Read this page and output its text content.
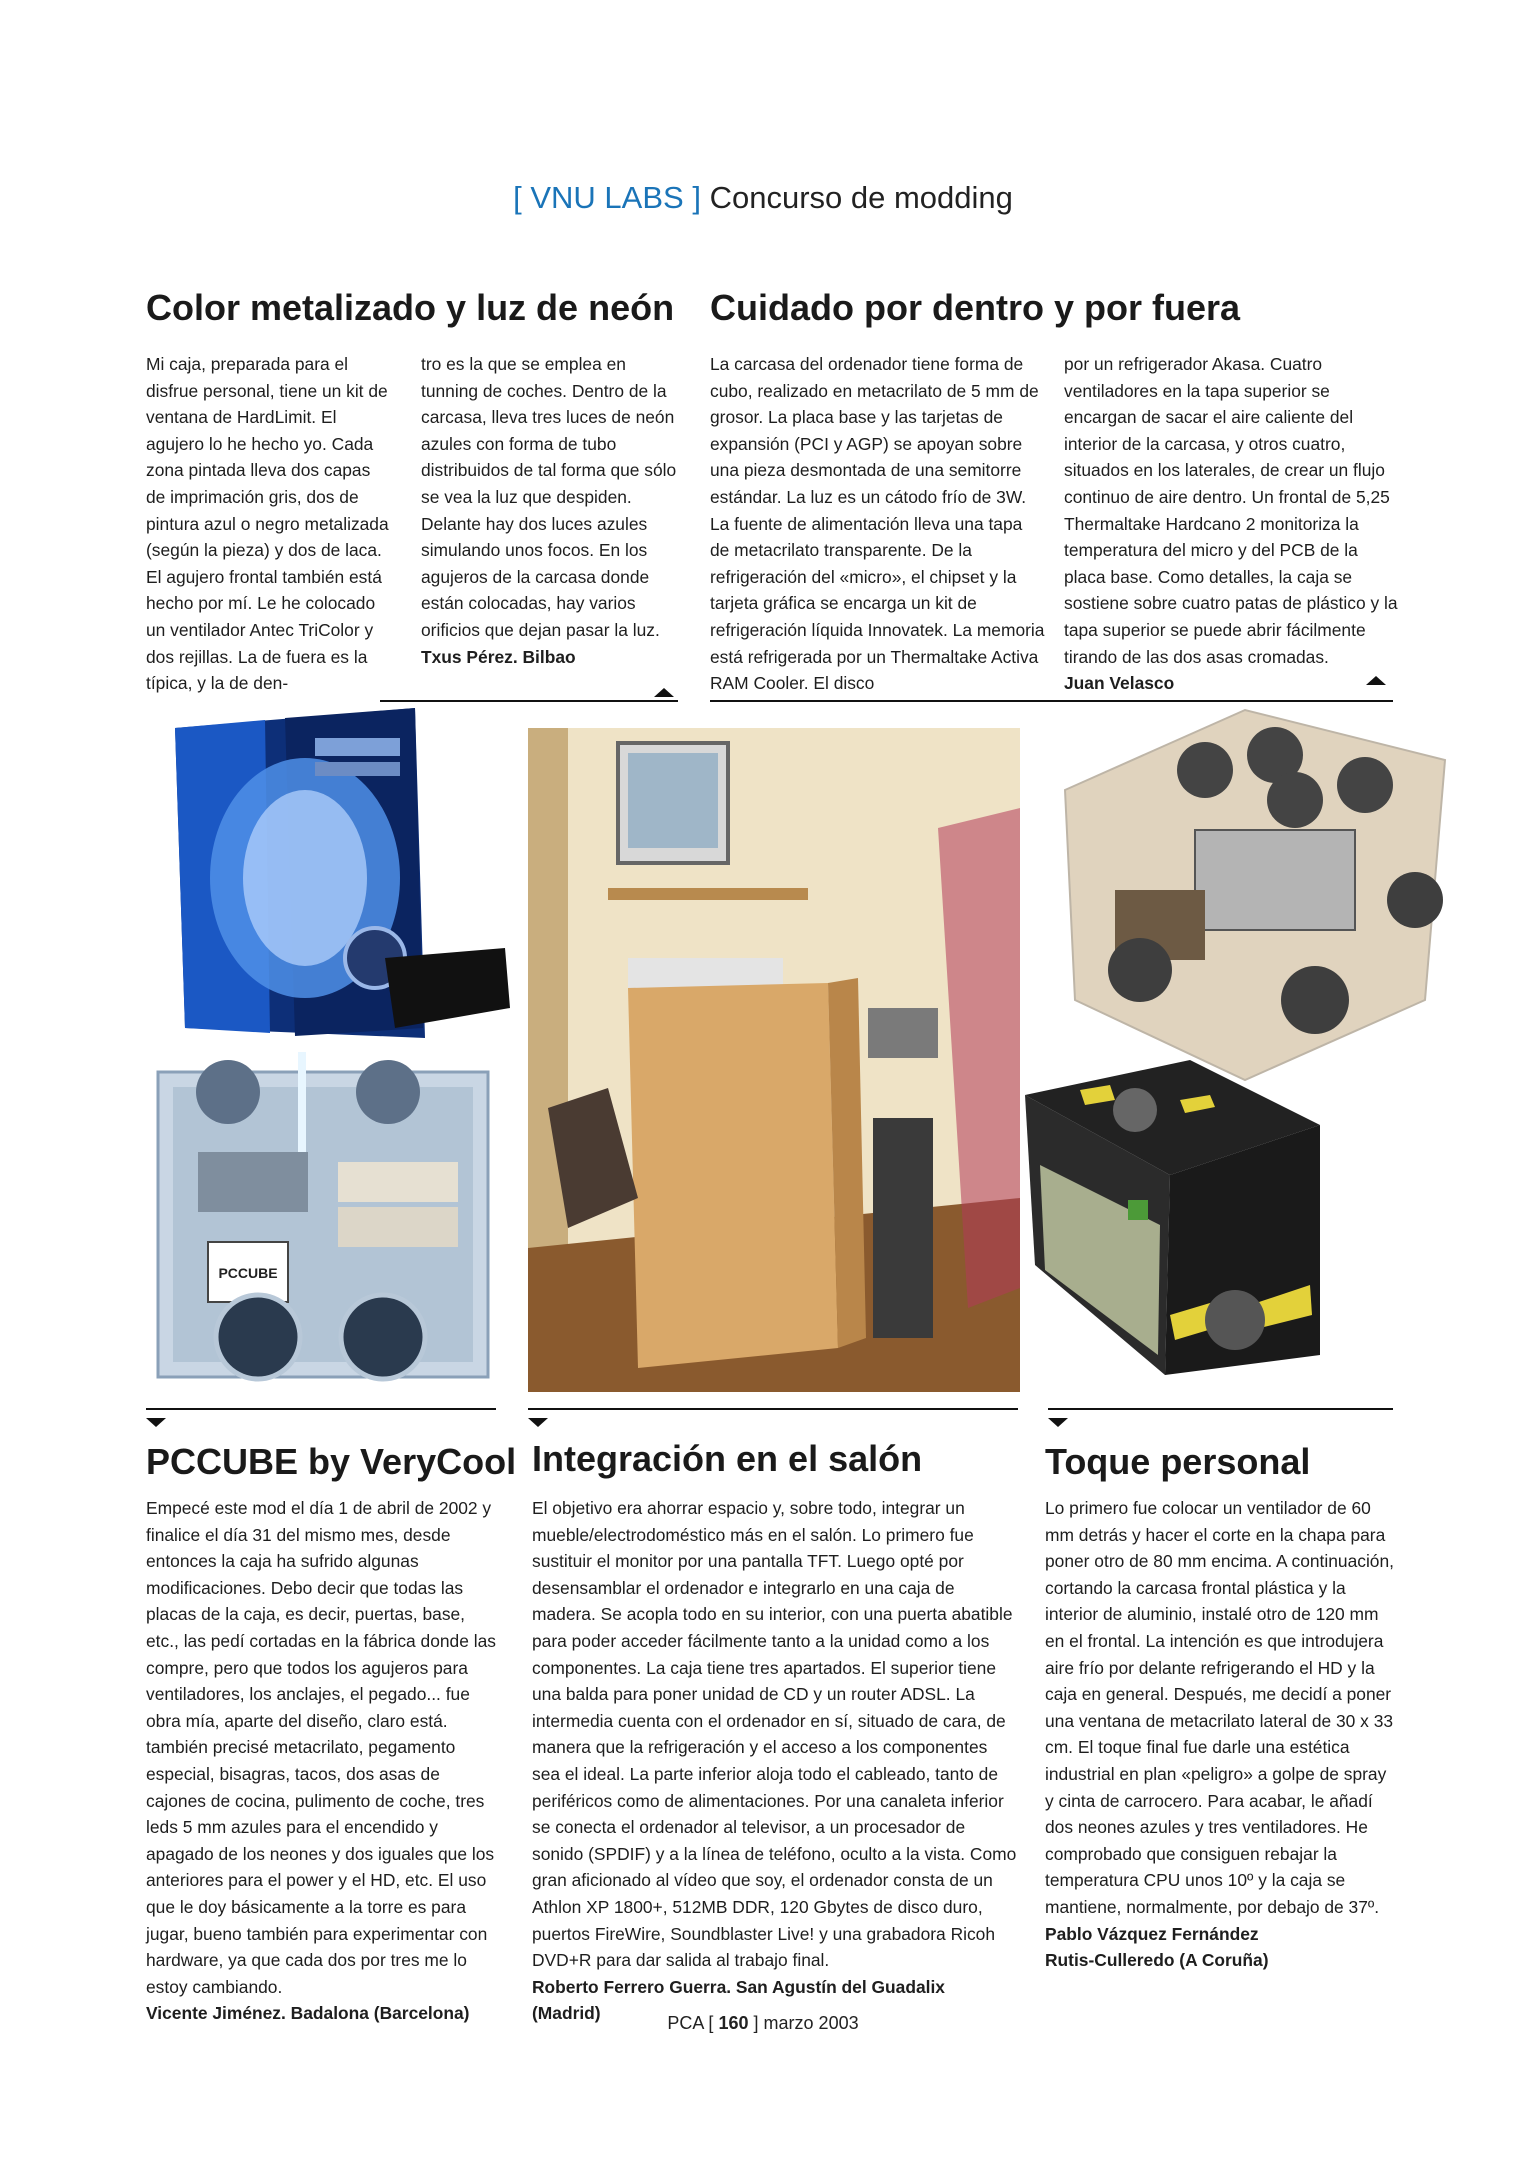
[ VNU LABS ] Concurso de modding
Color metalizado y luz de neón

Mi caja, preparada para el disfrue personal, tiene un kit de ventana de HardLimit. El agujero lo he hecho yo. Cada zona pintada lleva dos capas de imprimación gris, dos de pintura azul o negro metalizada (según la pieza) y dos de laca. El agujero frontal también está hecho por mí. Le he colocado un ventilador Antec TriColor y dos rejillas. La de fuera es la típica, y la de den-

tro es la que se emplea en tunning de coches. Dentro de la carcasa, lleva tres luces de neón azules con forma de tubo distribuidos de tal forma que sólo se vea la luz que despiden. Delante hay dos luces azules simulando unos focos. En los agujeros de la carcasa donde están colocadas, hay varios orificios que dejan pasar la luz.

Txus Pérez. Bilbao

Cuidado por dentro y por fuera

La carcasa del ordenador tiene forma de cubo, realizado en metacrilato de 5 mm de grosor. La placa base y las tarjetas de expansión (PCI y AGP) se apoyan sobre una pieza desmontada de una semitorre estándar. La luz es un cátodo frío de 3W. La fuente de alimentación lleva una tapa de metacrilato transparente. De la refrigeración del «micro», el chipset y la tarjeta gráfica se encarga un kit de refrigeración líquida Innovatek. La memoria está refrigerada por un Thermaltake Activa RAM Cooler. El disco

por un refrigerador Akasa. Cuatro ventiladores en la tapa superior se encargan de sacar el aire caliente del interior de la carcasa, y otros cuatro, situados en los laterales, de crear un flujo continuo de aire dentro. Un frontal de 5,25 Thermaltake Hardcano 2 monitoriza la temperatura del micro y del PCB de la placa base. Como detalles, la caja se sostiene sobre cuatro patas de plástico y la tapa superior se puede abrir fácilmente tirando de las dos asas cromadas.

Juan Velasco

PCCUBE
PCCUBE by VeryCool

Empecé este mod el día 1 de abril de 2002 y finalice el día 31 del mismo mes, desde entonces la caja ha sufrido algunas modificaciones. Debo decir que todas las placas de la caja, es decir, puertas, base, etc., las pedí cortadas en la fábrica donde las compre, pero que todos los agujeros para ventiladores, los anclajes, el pegado... fue obra mía, aparte del diseño, claro está. también precisé metacrilato, pegamento especial, bisagras, tacos, dos asas de cajones de cocina, pulimento de coche, tres leds 5 mm azules para el encendido y apagado de los neones y dos iguales que los anteriores para el power y el HD, etc. El uso que le doy básicamente a la torre es para jugar, bueno también para experimentar con hardware, ya que cada dos por tres me lo estoy cambiando.

Vicente Jiménez. Badalona (Barcelona)

Integración en el salón

El objetivo era ahorrar espacio y, sobre todo, integrar un mueble/electrodoméstico más en el salón. Lo primero fue sustituir el monitor por una pantalla TFT. Luego opté por desensamblar el ordenador e integrarlo en una caja de madera. Se acopla todo en su interior, con una puerta abatible para poder acceder fácilmente tanto a la unidad como a los componentes. La caja tiene tres apartados. El superior tiene una balda para poner unidad de CD y un router ADSL. La intermedia cuenta con el ordenador en sí, situado de cara, de manera que la refrigeración y el acceso a los componentes sea el ideal. La parte inferior aloja todo el cableado, tanto de periféricos como de alimentaciones. Por una canaleta inferior se conecta el ordenador al televisor, a un procesador de sonido (SPDIF) y a la línea de teléfono, oculto a la vista. Como gran aficionado al vídeo que soy, el ordenador consta de un Athlon XP 1800+, 512MB DDR, 120 Gbytes de disco duro, puertos FireWire, Soundblaster Live! y una grabadora Ricoh DVD+R para dar salida al trabajo final.

Roberto Ferrero Guerra. San Agustín del Guadalix (Madrid)

Toque personal

Lo primero fue colocar un ventilador de 60 mm detrás y hacer el corte en la chapa para poner otro de 80 mm encima. A continuación, cortando la carcasa frontal plástica y la interior de aluminio, instalé otro de 120 mm en el frontal. La intención es que introdujera aire frío por delante refrigerando el HD y la caja en general. Después, me decidí a poner una ventana de metacrilato lateral de 30 x 33 cm. El toque final fue darle una estética industrial en plan «peligro» a golpe de spray y cinta de carrocero. Para acabar, le añadí dos neones azules y tres ventiladores. He comprobado que consiguen rebajar la temperatura CPU unos 10º y la caja se mantiene, normalmente, por debajo de 37º.

Pablo Vázquez Fernández

Rutis-Culleredo (A Coruña)

PCA [ 160 ] marzo 2003
